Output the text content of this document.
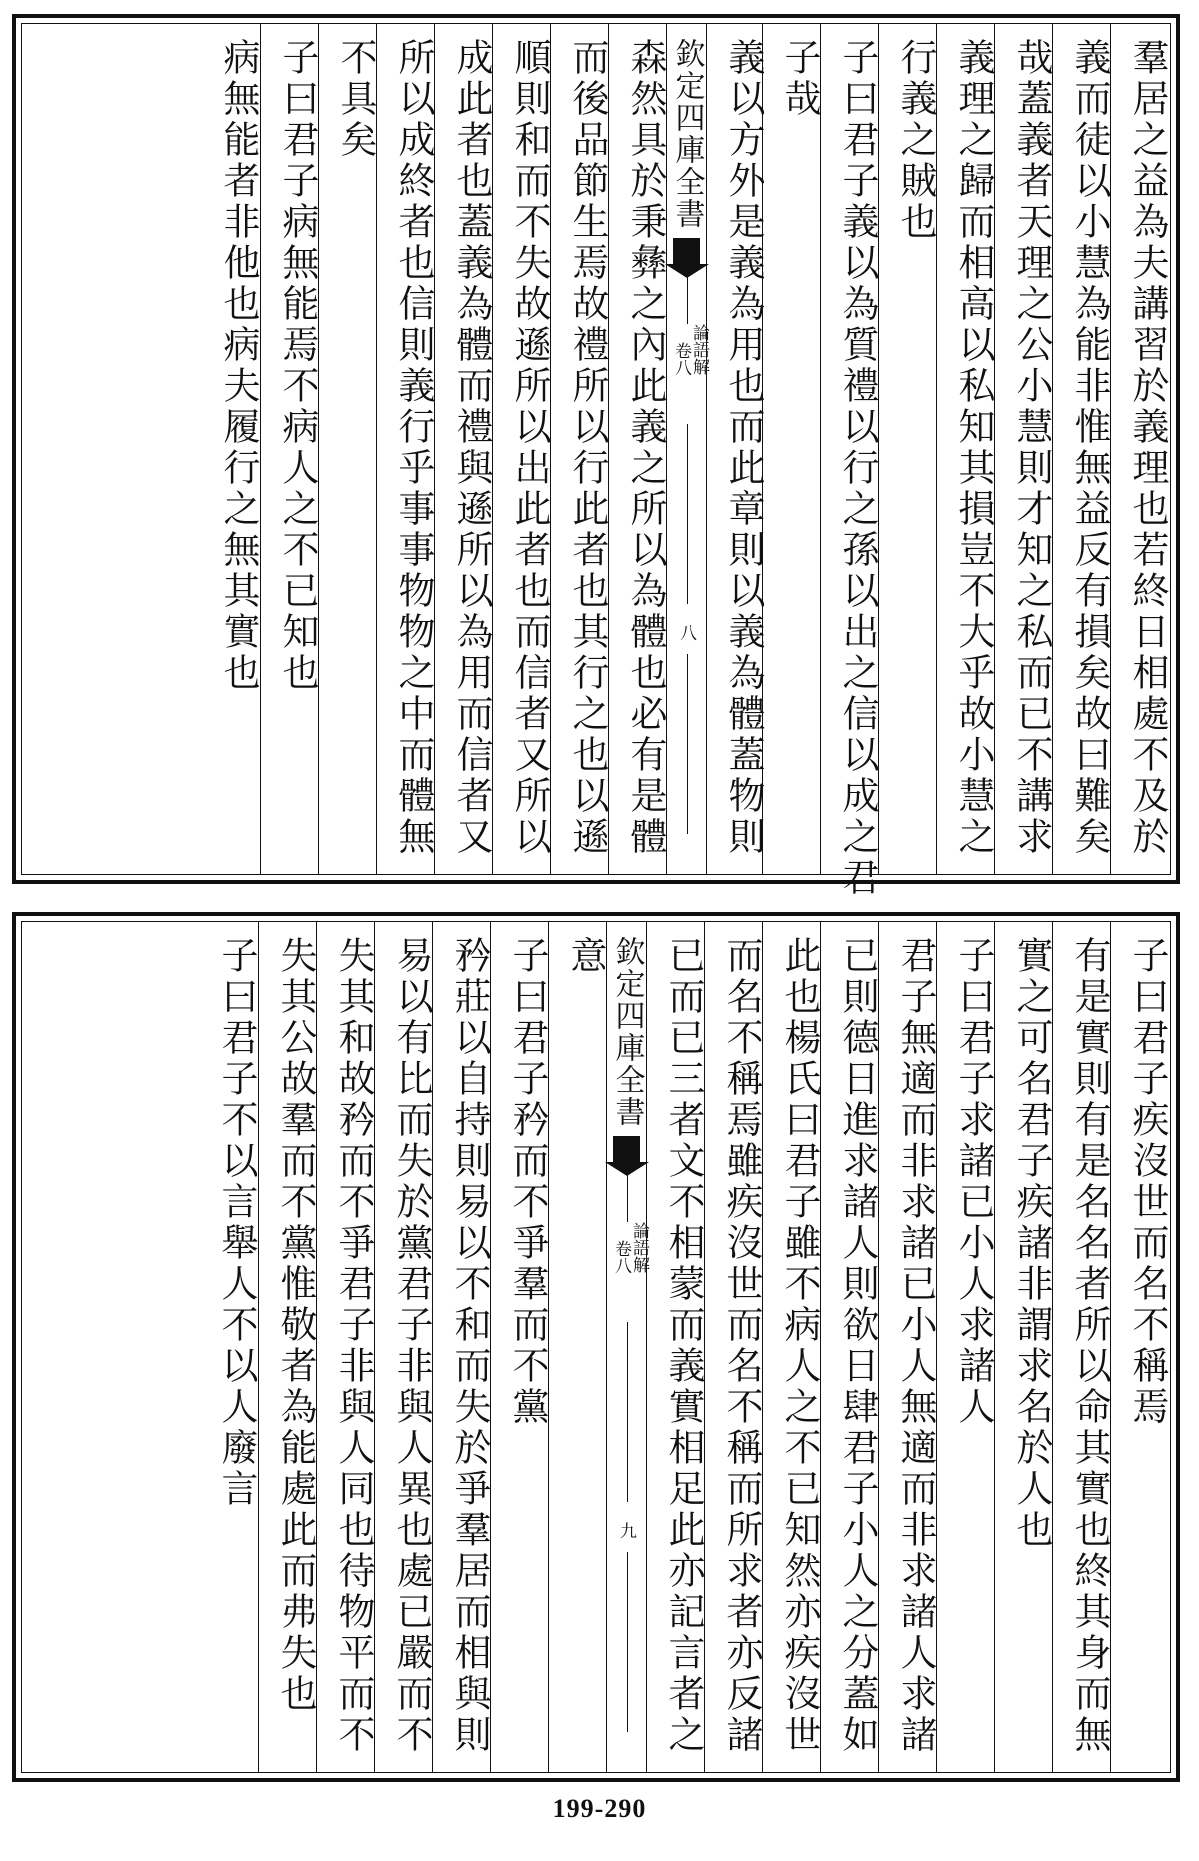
羣居之益為夫講習於義理也若終日相處不及於
義而徒以小慧為能非惟無益反有損矣故曰難矣
哉蓋義者天理之公小慧則才知之私而已不講求
義理之歸而相高以私知其損豈不大乎故小慧之
行義之賊也
子曰君子義以為質禮以行之孫以出之信以成之君
子哉
義以方外是義為用也而此章則以義為體蓋物則
欽定四庫全書
論語解
卷八
八
森然具於秉彝之內此義之所以為體也必有是體
而後品節生焉故禮所以行此者也其行之也以遜
順則和而不失故遜所以出此者也而信者又所以
成此者也蓋義為體而禮與遜所以為用而信者又
所以成終者也信則義行乎事事物物之中而體無
不具矣
子曰君子病無能焉不病人之不已知也
病無能者非他也病夫履行之無其實也
子曰君子疾沒世而名不稱焉
有是實則有是名名者所以命其實也終其身而無
實之可名君子疾諸非謂求名於人也
子曰君子求諸已小人求諸人
君子無適而非求諸已小人無適而非求諸人求諸
已則德日進求諸人則欲日肆君子小人之分蓋如
此也楊氏曰君子雖不病人之不已知然亦疾沒世
而名不稱焉雖疾沒世而名不稱而所求者亦反諸
已而已三者文不相蒙而義實相足此亦記言者之
欽定四庫全書
論語解
卷八
九
意
子曰君子矜而不爭羣而不黨
矜莊以自持則易以不和而失於爭羣居而相與則
易以有比而失於黨君子非與人異也處已嚴而不
失其和故矜而不爭君子非與人同也待物平而不
失其公故羣而不黨惟敬者為能處此而弗失也
子曰君子不以言舉人不以人廢言
199-290
